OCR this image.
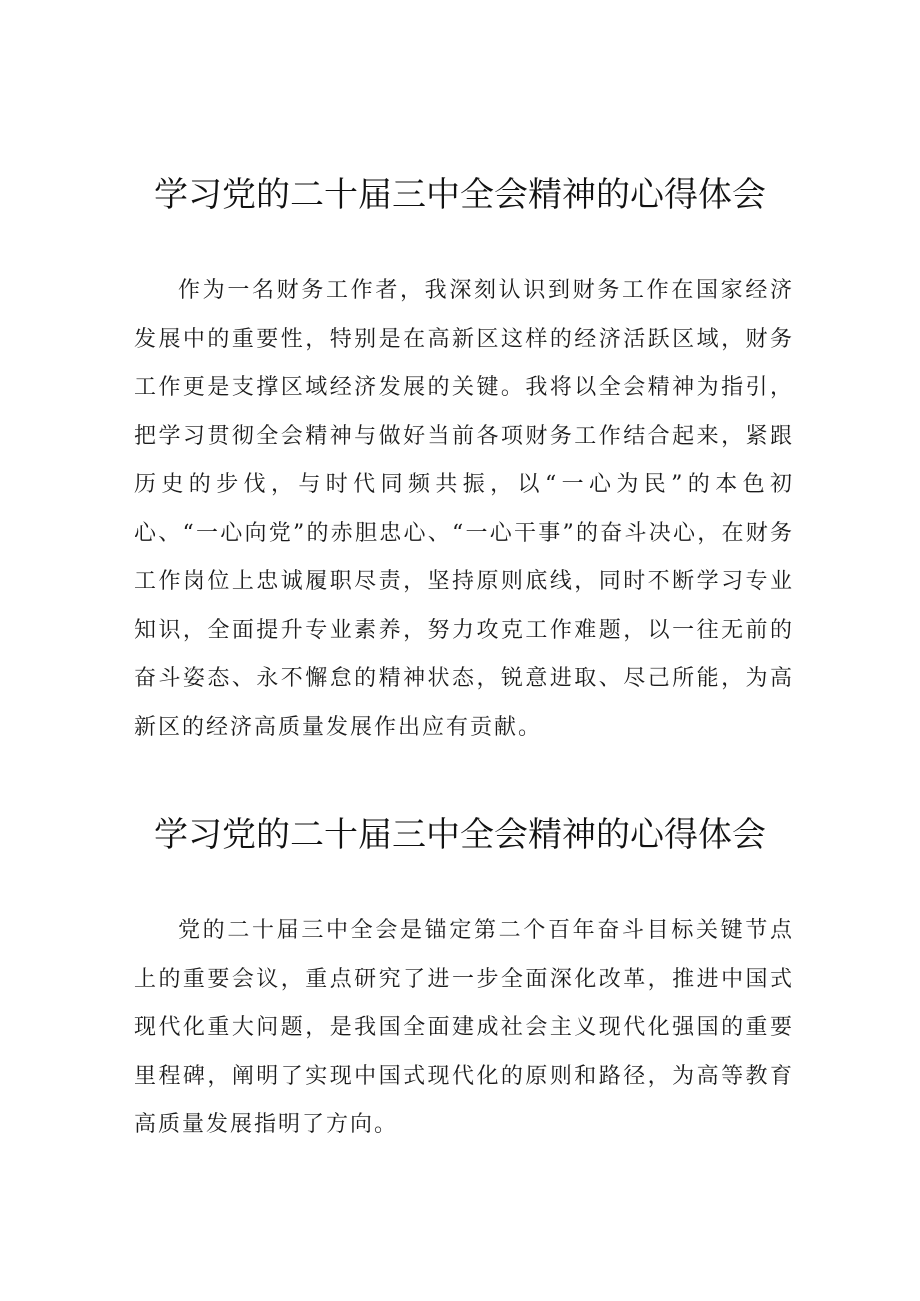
学习党的二十届三中全会精神的心得体会

作为一名财务工作者，我深刻认识到财务工作在国家经济发展中的重要性，特别是在高新区这样的经济活跃区域，财务工作更是支撑区域经济发展的关键。我将以全会精神为指引，把学习贯彻全会精神与做好当前各项财务工作结合起来，紧跟历史的步伐，与时代同频共振，以“一心为民”的本色初心、“一心向党”的赤胆忠心、“一心干事”的奋斗决心，在财务工作岗位上忠诚履职尽责，坚持原则底线，同时不断学习专业知识，全面提升专业素养，努力攻克工作难题，以一往无前的奋斗姿态、永不懈怠的精神状态，锐意进取、尽己所能，为高新区的经济高质量发展作出应有贡献。

学习党的二十届三中全会精神的心得体会

党的二十届三中全会是锚定第二个百年奋斗目标关键节点上的重要会议，重点研究了进一步全面深化改革，推进中国式现代化重大问题，是我国全面建成社会主义现代化强国的重要里程碑，阐明了实现中国式现代化的原则和路径，为高等教育高质量发展指明了方向。
